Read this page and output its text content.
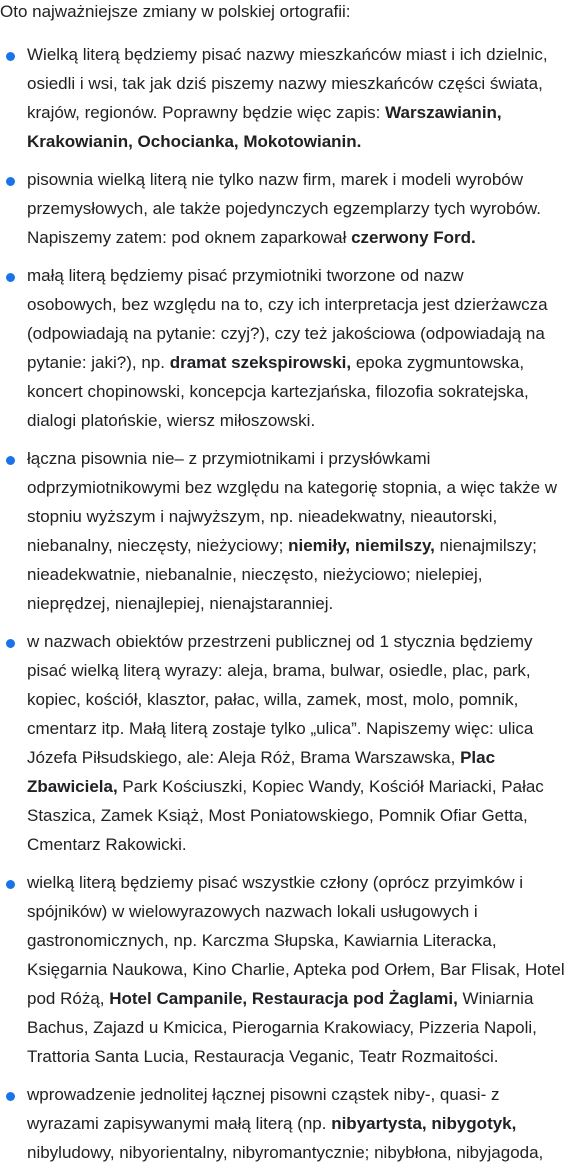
Oto najważniejsze zmiany w polskiej ortografii:

Wielką literą będziemy pisać nazwy mieszkańców miast i ich dzielnic,
osiedli i wsi, tak jak dziś piszemy nazwy mieszkańców części świata,
krajów, regionów. Poprawny będzie więc zapis: Warszawianin,
Krakowianin, Ochocianka, Mokotowianin.
pisownia wielką literą nie tylko nazw firm, marek i modeli wyrobów
przemysłowych, ale także pojedynczych egzemplarzy tych wyrobów.
Napiszemy zatem: pod oknem zaparkował czerwony Ford.
małą literą będziemy pisać przymiotniki tworzone od nazw
osobowych, bez względu na to, czy ich interpretacja jest dzierżawcza
(odpowiadają na pytanie: czyj?), czy też jakościowa (odpowiadają na
pytanie: jaki?), np. dramat szekspirowski, epoka zygmuntowska,
koncert chopinowski, koncepcja kartezjańska, filozofia sokratejska,
dialogi platońskie, wiersz miłoszowski.
łączna pisownia nie– z przymiotnikami i przysłówkami
odprzymiotnikowymi bez względu na kategorię stopnia, a więc także w
stopniu wyższym i najwyższym, np. nieadekwatny, nieautorski,
niebanalny, nieczęsty, nieżyciowy; niemiły, niemilszy, nienajmilszy;
nieadekwatnie, niebanalnie, nieczęsto, nieżyciowo; nielepiej,
nieprędzej, nienajlepiej, nienajstaranniej.
w nazwach obiektów przestrzeni publicznej od 1 stycznia będziemy
pisać wielką literą wyrazy: aleja, brama, bulwar, osiedle, plac, park,
kopiec, kościół, klasztor, pałac, willa, zamek, most, molo, pomnik,
cmentarz itp. Małą literą zostaje tylko „ulica”. Napiszemy więc: ulica
Józefa Piłsudskiego, ale: Aleja Róż, Brama Warszawska, Plac
Zbawiciela, Park Kościuszki, Kopiec Wandy, Kościół Mariacki, Pałac
Staszica, Zamek Książ, Most Poniatowskiego, Pomnik Ofiar Getta,
Cmentarz Rakowicki.
wielką literą będziemy pisać wszystkie człony (oprócz przyimków i
spójników) w wielowyrazowych nazwach lokali usługowych i
gastronomicznych, np. Karczma Słupska, Kawiarnia Literacka,
Księgarnia Naukowa, Kino Charlie, Apteka pod Orłem, Bar Flisak, Hotel
pod Różą, Hotel Campanile, Restauracja pod Żaglami, Winiarnia
Bachus, Zajazd u Kmicica, Pierogarnia Krakowiacy, Pizzeria Napoli,
Trattoria Santa Lucia, Restauracja Veganic, Teatr Rozmaitości.
wprowadzenie jednolitej łącznej pisowni cząstek niby-, quasi- z
wyrazami zapisywanymi małą literą (np. nibyartysta, nibygotyk,
nibyludowy, nibyorientalny, nibyromantycznie; nibybłona, nibyjagoda,
